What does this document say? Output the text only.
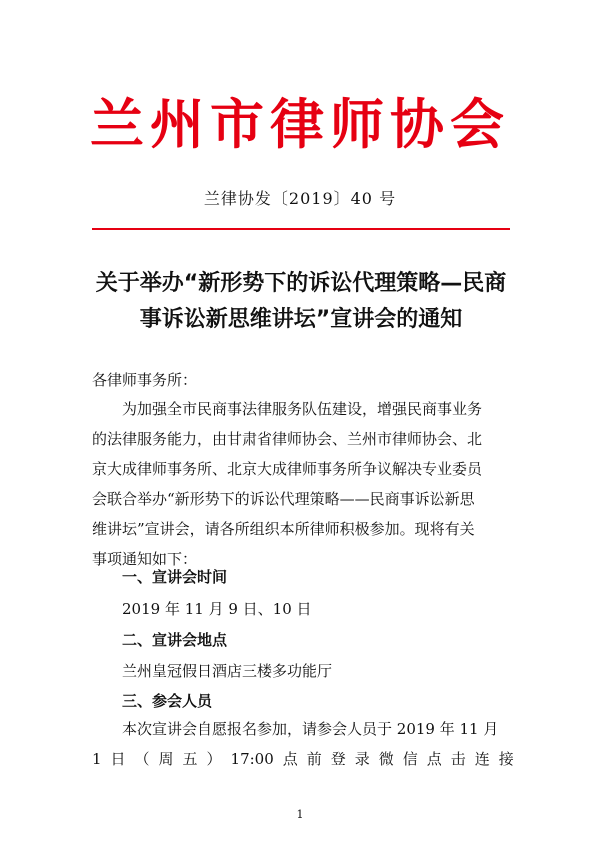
兰州市律师协会
兰律协发〔2019〕40 号
关于举办“新形势下的诉讼代理策略—民商
事诉讼新思维讲坛”宣讲会的通知
各律师事务所：
为加强全市民商事法律服务队伍建设，增强民商事业务
的法律服务能力，由甘肃省律师协会、兰州市律师协会、北
京大成律师事务所、北京大成律师事务所争议解决专业委员
会联合举办“新形势下的诉讼代理策略——民商事诉讼新思
维讲坛”宣讲会，请各所组织本所律师积极参加。现将有关
事项通知如下：
一、宣讲会时间
2019 年 11 月 9 日、10 日
二、宣讲会地点
兰州皇冠假日酒店三楼多功能厅
三、参会人员
本次宣讲会自愿报名参加，请参会人员于 2019 年 11 月
1 日 （ 周 五 ） 17:00 点 前 登 录 微 信 点 击 连 接
1
